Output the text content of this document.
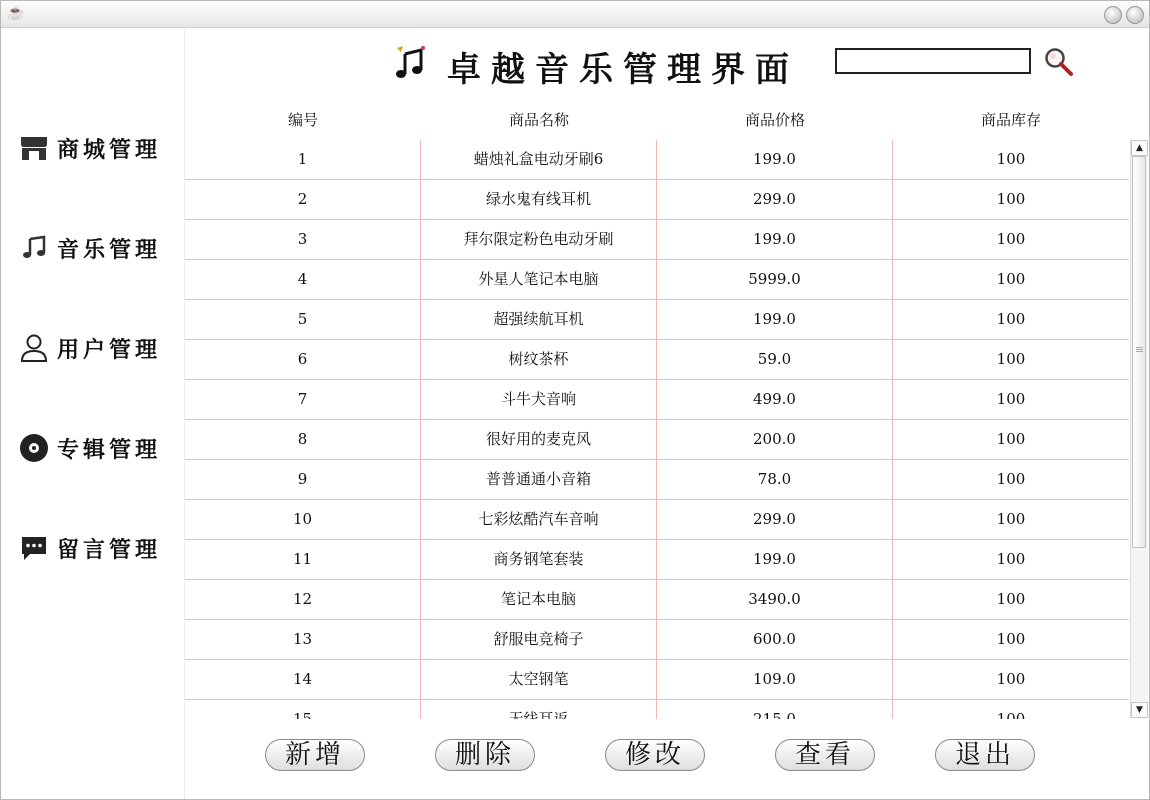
☕
商城管理
音乐管理
用户管理
专辑管理
留言管理
卓越音乐管理界面
编号	商品名称	商品价格	商品库存
1	蜡烛礼盒电动牙刷6	199.0	100
2	绿水鬼有线耳机	299.0	100
3	拜尔限定粉色电动牙刷	199.0	100
4	外星人笔记本电脑	5999.0	100
5	超强续航耳机	199.0	100
6	树纹茶杯	59.0	100
7	斗牛犬音响	499.0	100
8	很好用的麦克风	200.0	100
9	普普通通小音箱	78.0	100
10	七彩炫酷汽车音响	299.0	100
11	商务钢笔套装	199.0	100
12	笔记本电脑	3490.0	100
13	舒服电竞椅子	600.0	100
14	太空钢笔	109.0	100
▲
▼
新增	删除	修改	查看	退出
